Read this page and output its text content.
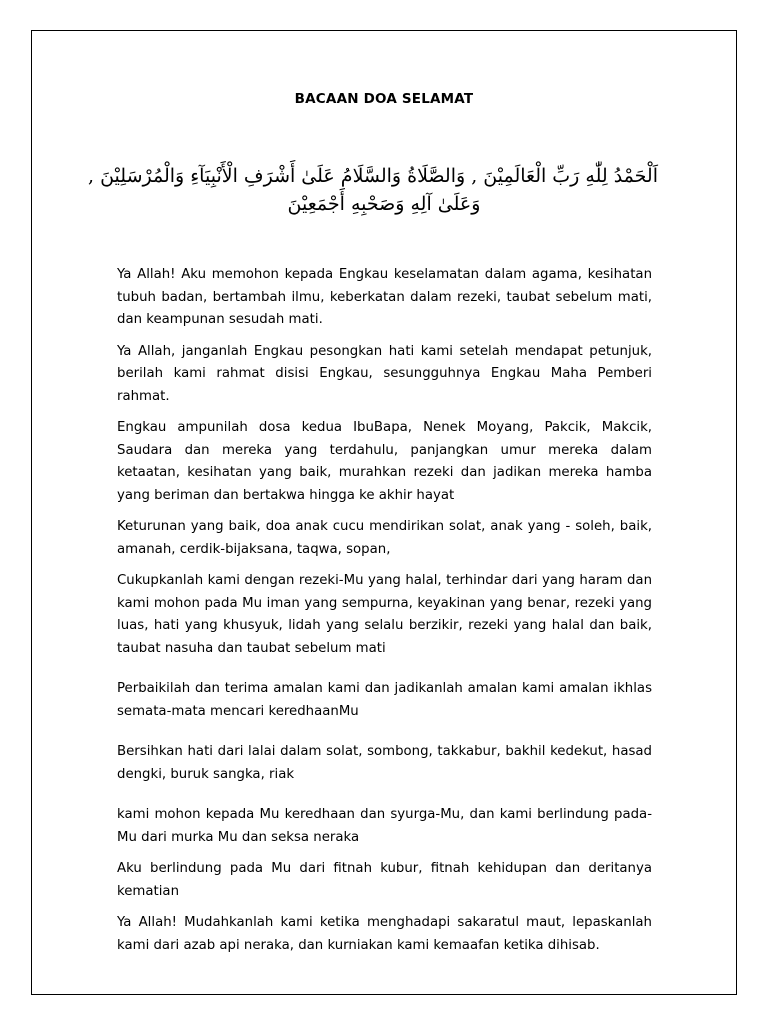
BACAAN DOA SELAMAT
اَلْحَمْدُ لِلّٰهِ رَبِّ الْعَالَمِيْنَ , وَالصَّلَاةُ وَالسَّلَامُ عَلَىٰ أَشْرَفِ الْأَنْبِيَآءِ وَالْمُرْسَلِيْنَ ,
وَعَلَىٰ آلِهِ وَصَحْبِهِ أَجْمَعِيْنَ

Ya Allah! Aku memohon kepada Engkau keselamatan dalam agama, kesihatan tubuh badan, bertambah ilmu, keberkatan dalam rezeki, taubat sebelum mati, dan keampunan sesudah mati.

Ya Allah, janganlah Engkau pesongkan hati kami setelah mendapat petunjuk, berilah kami rahmat disisi Engkau, sesungguhnya Engkau Maha Pemberi rahmat.

Engkau ampunilah dosa kedua IbuBapa, Nenek Moyang, Pakcik, Makcik, Saudara dan mereka yang terdahulu, panjangkan umur mereka dalam ketaatan, kesihatan yang baik, murahkan rezeki dan jadikan mereka hamba yang beriman dan bertakwa hingga ke akhir hayat

Keturunan yang baik, doa anak cucu mendirikan solat, anak yang - soleh, baik, amanah, cerdik-bijaksana, taqwa, sopan,

Cukupkanlah kami dengan rezeki-Mu yang halal, terhindar dari yang haram dan kami mohon pada Mu iman yang sempurna, keyakinan yang benar, rezeki yang luas, hati yang khusyuk, lidah yang selalu berzikir, rezeki yang halal dan baik, taubat nasuha dan taubat sebelum mati

Perbaikilah dan terima amalan kami dan jadikanlah amalan kami amalan ikhlas semata-mata mencari keredhaanMu

Bersihkan hati dari lalai dalam solat, sombong, takkabur, bakhil kedekut, hasad dengki, buruk sangka, riak

kami mohon kepada Mu keredhaan dan syurga-Mu, dan kami berlindung pada-Mu dari murka Mu dan seksa neraka

Aku berlindung pada Mu dari fitnah kubur, fitnah kehidupan dan deritanya kematian

Ya Allah! Mudahkanlah kami ketika menghadapi sakaratul maut, lepaskanlah kami dari azab api neraka, dan kurniakan kami kemaafan ketika dihisab.
